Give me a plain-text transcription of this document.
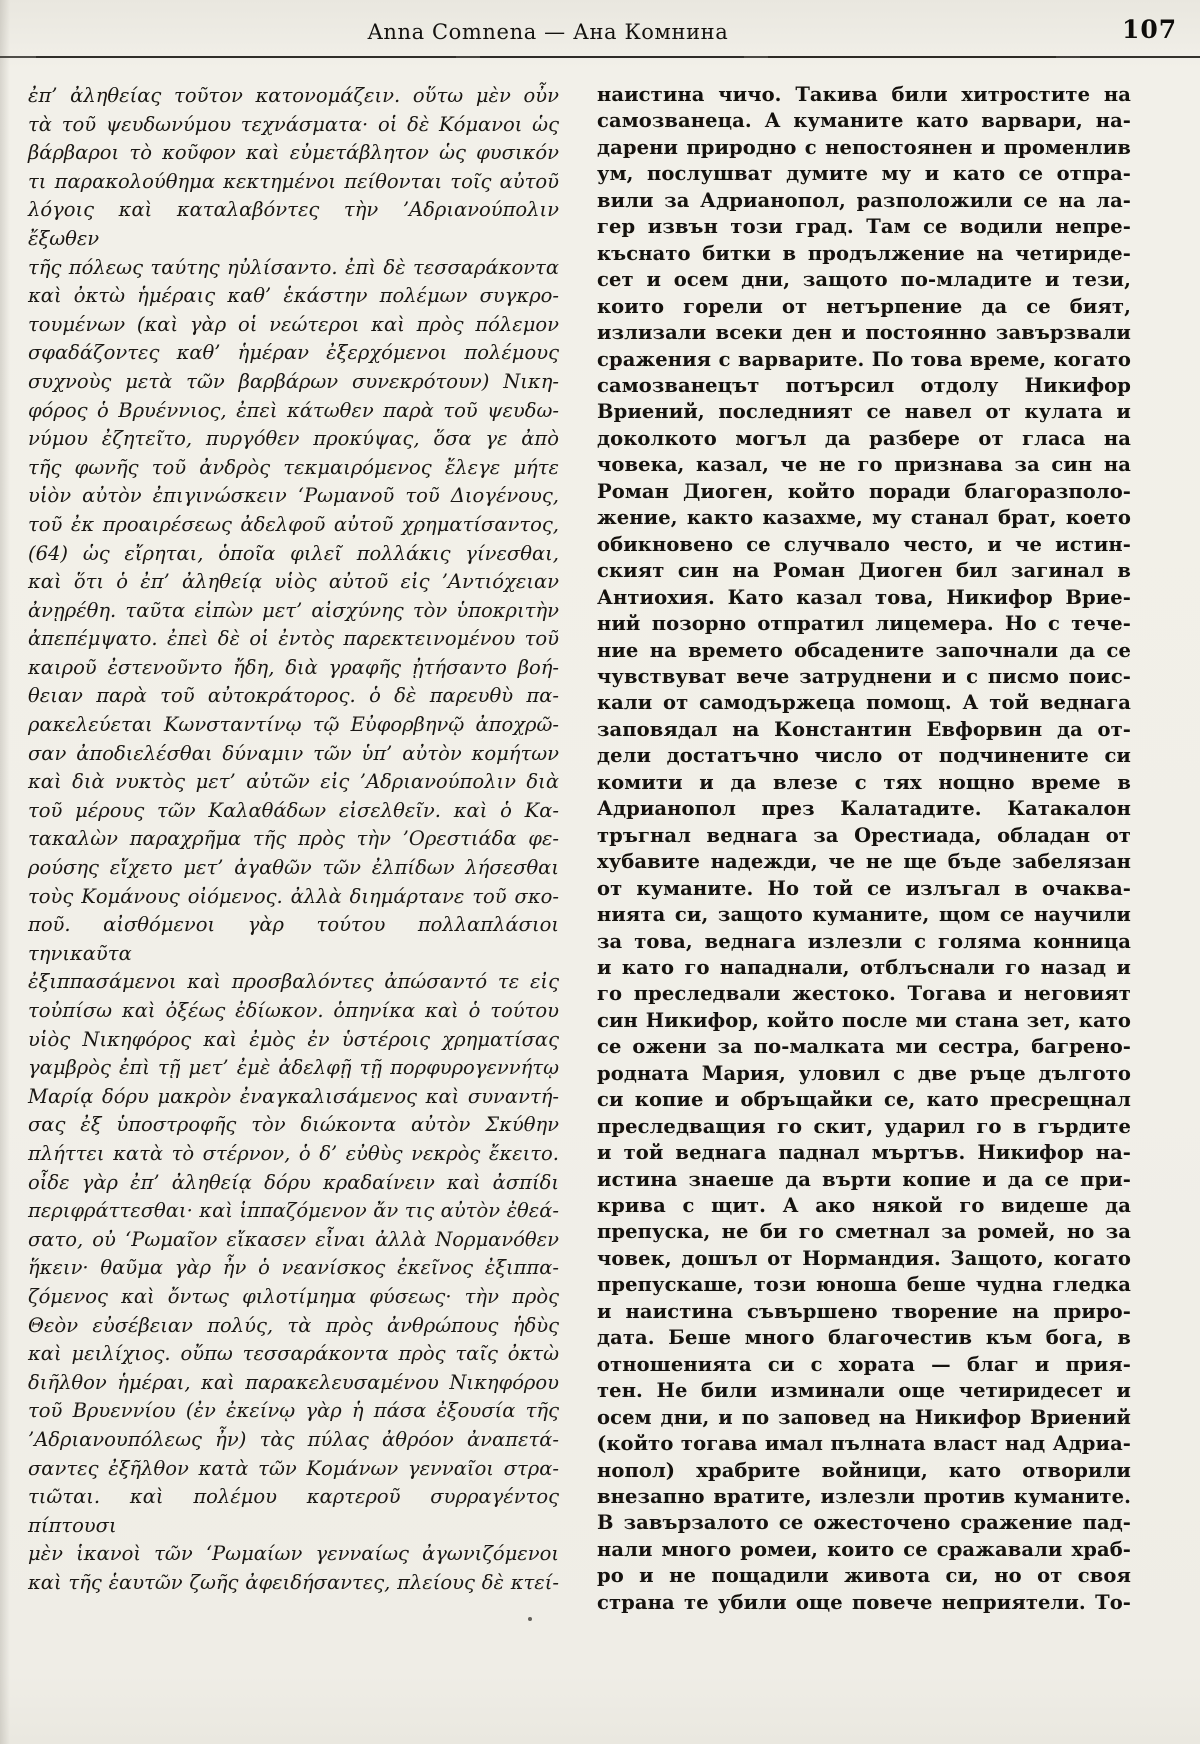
Anna Comnena — Ана Комнина	107
ἐπ’ ἀληθείας τοῦτον κατονομάζειν. οὕτω μὲν οὖν
τὰ τοῦ ψευδωνύμου τεχνάσματα· οἱ δὲ Κόμανοι ὡς
βάρβαροι τὸ κοῦφον καὶ εὐμετάβλητον ὡς φυσικόν
τι παρακολούθημα κεκτημένοι πείθονται τοῖς αὐτοῦ
λόγοις καὶ καταλαβόντες τὴν ’Αδριανούπολιν ἔξωθεν
τῆς πόλεως ταύτης ηὐλίσαντο. ἐπὶ δὲ τεσσαράκοντα
καὶ ὀκτὼ ἡμέραις καθ’ ἑκάστην πολέμων συγκρο-
τουμένων (καὶ γὰρ οἱ νεώτεροι καὶ πρὸς πόλεμον
σφαδάζοντες καθ’ ἡμέραν ἐξερχόμενοι πολέμους
συχνοὺς μετὰ τῶν βαρβάρων συνεκρότουν) Νικη-
φόρος ὁ Βρυέννιος, ἐπεὶ κάτωθεν παρὰ τοῦ ψευδω-
νύμου ἐζητεῖτο, πυργόθεν προκύψας, ὅσα γε ἀπὸ
τῆς φωνῆς τοῦ ἀνδρὸς τεκμαιρόμενος ἔλεγε μήτε
υἱὸν αὐτὸν ἐπιγινώσκειν ‘Ρωμανοῦ τοῦ Διογένους,
τοῦ ἐκ προαιρέσεως ἀδελφοῦ αὐτοῦ χρηματίσαντος,
(64) ὡς εἴρηται, ὁποῖα φιλεῖ πολλάκις γίνεσθαι,
καὶ ὅτι ὁ ἐπ’ ἀληθείᾳ υἱὸς αὐτοῦ εἰς ’Αντιόχειαν
ἀνῃρέθη. ταῦτα εἰπὼν μετ’ αἰσχύνης τὸν ὑποκριτὴν
ἀπεπέμψατο. ἐπεὶ δὲ οἱ ἐντὸς παρεκτεινομένου τοῦ
καιροῦ ἐστενοῦντο ἤδη, διὰ γραφῆς ᾐτήσαντο βοή-
θειαν παρὰ τοῦ αὐτοκράτορος. ὁ δὲ παρευθὺ πα-
ρακελεύεται Κωνσταντίνῳ τῷ Εὐφορβηνῷ ἀποχρῶ-
σαν ἀποδιελέσθαι δύναμιν τῶν ὑπ’ αὐτὸν κομήτων
καὶ διὰ νυκτὸς μετ’ αὐτῶν εἰς ’Αδριανούπολιν διὰ
τοῦ μέρους τῶν Καλαθάδων εἰσελθεῖν. καὶ ὁ Κα-
τακαλὼν παραχρῆμα τῆς πρὸς τὴν ’Ορεστιάδα φε-
ρούσης εἴχετο μετ’ ἀγαθῶν τῶν ἐλπίδων λήσεσθαι
τοὺς Κομάνους οἰόμενος. ἀλλὰ διημάρτανε τοῦ σκο-
ποῦ. αἰσθόμενοι γὰρ τούτου πολλαπλάσιοι τηνικαῦτα
ἐξιππασάμενοι καὶ προσβαλόντες ἀπώσαντό τε εἰς
τοὐπίσω καὶ ὀξέως ἐδίωκον. ὁπηνίκα καὶ ὁ τούτου
υἱὸς Νικηφόρος καὶ ἐμὸς ἐν ὑστέροις χρηματίσας
γαμβρὸς ἐπὶ τῇ μετ’ ἐμὲ ἀδελφῇ τῇ πορφυρογεννήτῳ
Μαρίᾳ δόρυ μακρὸν ἐναγκαλισάμενος καὶ συναντή-
σας ἐξ ὑποστροφῆς τὸν διώκοντα αὐτὸν Σκύθην
πλήττει κατὰ τὸ στέρνον, ὁ δ’ εὐθὺς νεκρὸς ἔκειτο.
οἶδε γὰρ ἐπ’ ἀληθείᾳ δόρυ κραδαίνειν καὶ ἀσπίδι
περιφράττεσθαι· καὶ ἱππαζόμενον ἄν τις αὐτὸν ἐθεά-
σατο, οὐ ‘Ρωμαῖον εἴκασεν εἶναι ἀλλὰ Νορμανόθεν
ἥκειν· θαῦμα γὰρ ἦν ὁ νεανίσκος ἐκεῖνος ἐξιππα-
ζόμενος καὶ ὄντως φιλοτίμημα φύσεως· τὴν πρὸς
Θεὸν εὐσέβειαν πολύς, τὰ πρὸς ἀνθρώπους ἡδὺς
καὶ μειλίχιος. οὔπω τεσσαράκοντα πρὸς ταῖς ὀκτὼ
διῆλθον ἡμέραι, καὶ παρακελευσαμένου Νικηφόρου
τοῦ Βρυεννίου (ἐν ἐκείνῳ γὰρ ἡ πάσα ἐξουσία τῆς
’Αδριανουπόλεως ἦν) τὰς πύλας ἀθρόον ἀναπετά-
σαντες ἐξῆλθον κατὰ τῶν Κομάνων γενναῖοι στρα-
τιῶται. καὶ πολέμου καρτεροῦ συρραγέντος πίπτουσι
μὲν ἱκανοὶ τῶν ‘Ρωμαίων γενναίως ἀγωνιζόμενοι
καὶ τῆς ἑαυτῶν ζωῆς ἀφειδήσαντες, πλείους δὲ κτεί-
наистина чичо. Такива били хитростите на
самозванеца. А куманите като варвари, на-
дарени природно с непостоянен и променлив
ум, послушват думите му и като се отпра-
вили за Адрианопол, разположили се на ла-
гер извън този град. Там се водили непре-
къснато битки в продължение на четириде-
сет и осем дни, защото по-младите и тези,
които горели от нетърпение да се бият,
излизали всеки ден и постоянно завързвали
сражения с варварите. По това време, когато
самозванецът потърсил отдолу Никифор
Вриений, последният се навел от кулата и
доколкото могъл да разбере от гласа на
човека, казал, че не го признава за син на
Роман Диоген, който поради благоразполо-
жение, както казахме, му станал брат, което
обикновено се случвало често, и че истин-
ският син на Роман Диоген бил загинал в
Антиохия. Като казал това, Никифор Врие-
ний позорно отпратил лицемера. Но с тече-
ние на времето обсадените започнали да се
чувствуват вече затруднени и с писмо поис-
кали от самодържеца помощ. А той веднага
заповядал на Константин Евфорвин да от-
дели достатъчно число от подчинените си
комити и да влезе с тях нощно време в
Адрианопол през Калатадите. Катакалон
тръгнал веднага за Орестиада, обладан от
хубавите надежди, че не ще бъде забелязан
от куманите. Но той се излъгал в очаква-
нията си, защото куманите, щом се научили
за това, веднага излезли с голяма конница
и като го нападнали, отблъснали го назад и
го преследвали жестоко. Тогава и неговият
син Никифор, който после ми стана зет, като
се ожени за по-малката ми сестра, багрено-
родната Мария, уловил с две ръце дългото
си копие и обръщайки се, като пресрещнал
преследващия го скит, ударил го в гърдите
и той веднага паднал мъртъв. Никифор на-
истина знаеше да върти копие и да се при-
крива с щит. А ако някой го видеше да
препуска, не би го сметнал за ромей, но за
човек, дошъл от Нормандия. Защото, когато
препускаше, този юноша беше чудна гледка
и наистина съвършено творение на приро-
дата. Беше много благочестив към бога, в
отношенията си с хората — благ и прия-
тен. Не били изминали още четиридесет и
осем дни, и по заповед на Никифор Вриений
(който тогава имал пълната власт над Адриа-
нопол) храбрите войници, като отворили
внезапно вратите, излезли против куманите.
В завързалото се ожесточено сражение пад-
нали много ромеи, които се сражавали храб-
ро и не пощадили живота си, но от своя
страна те убили още повече неприятели. То-
